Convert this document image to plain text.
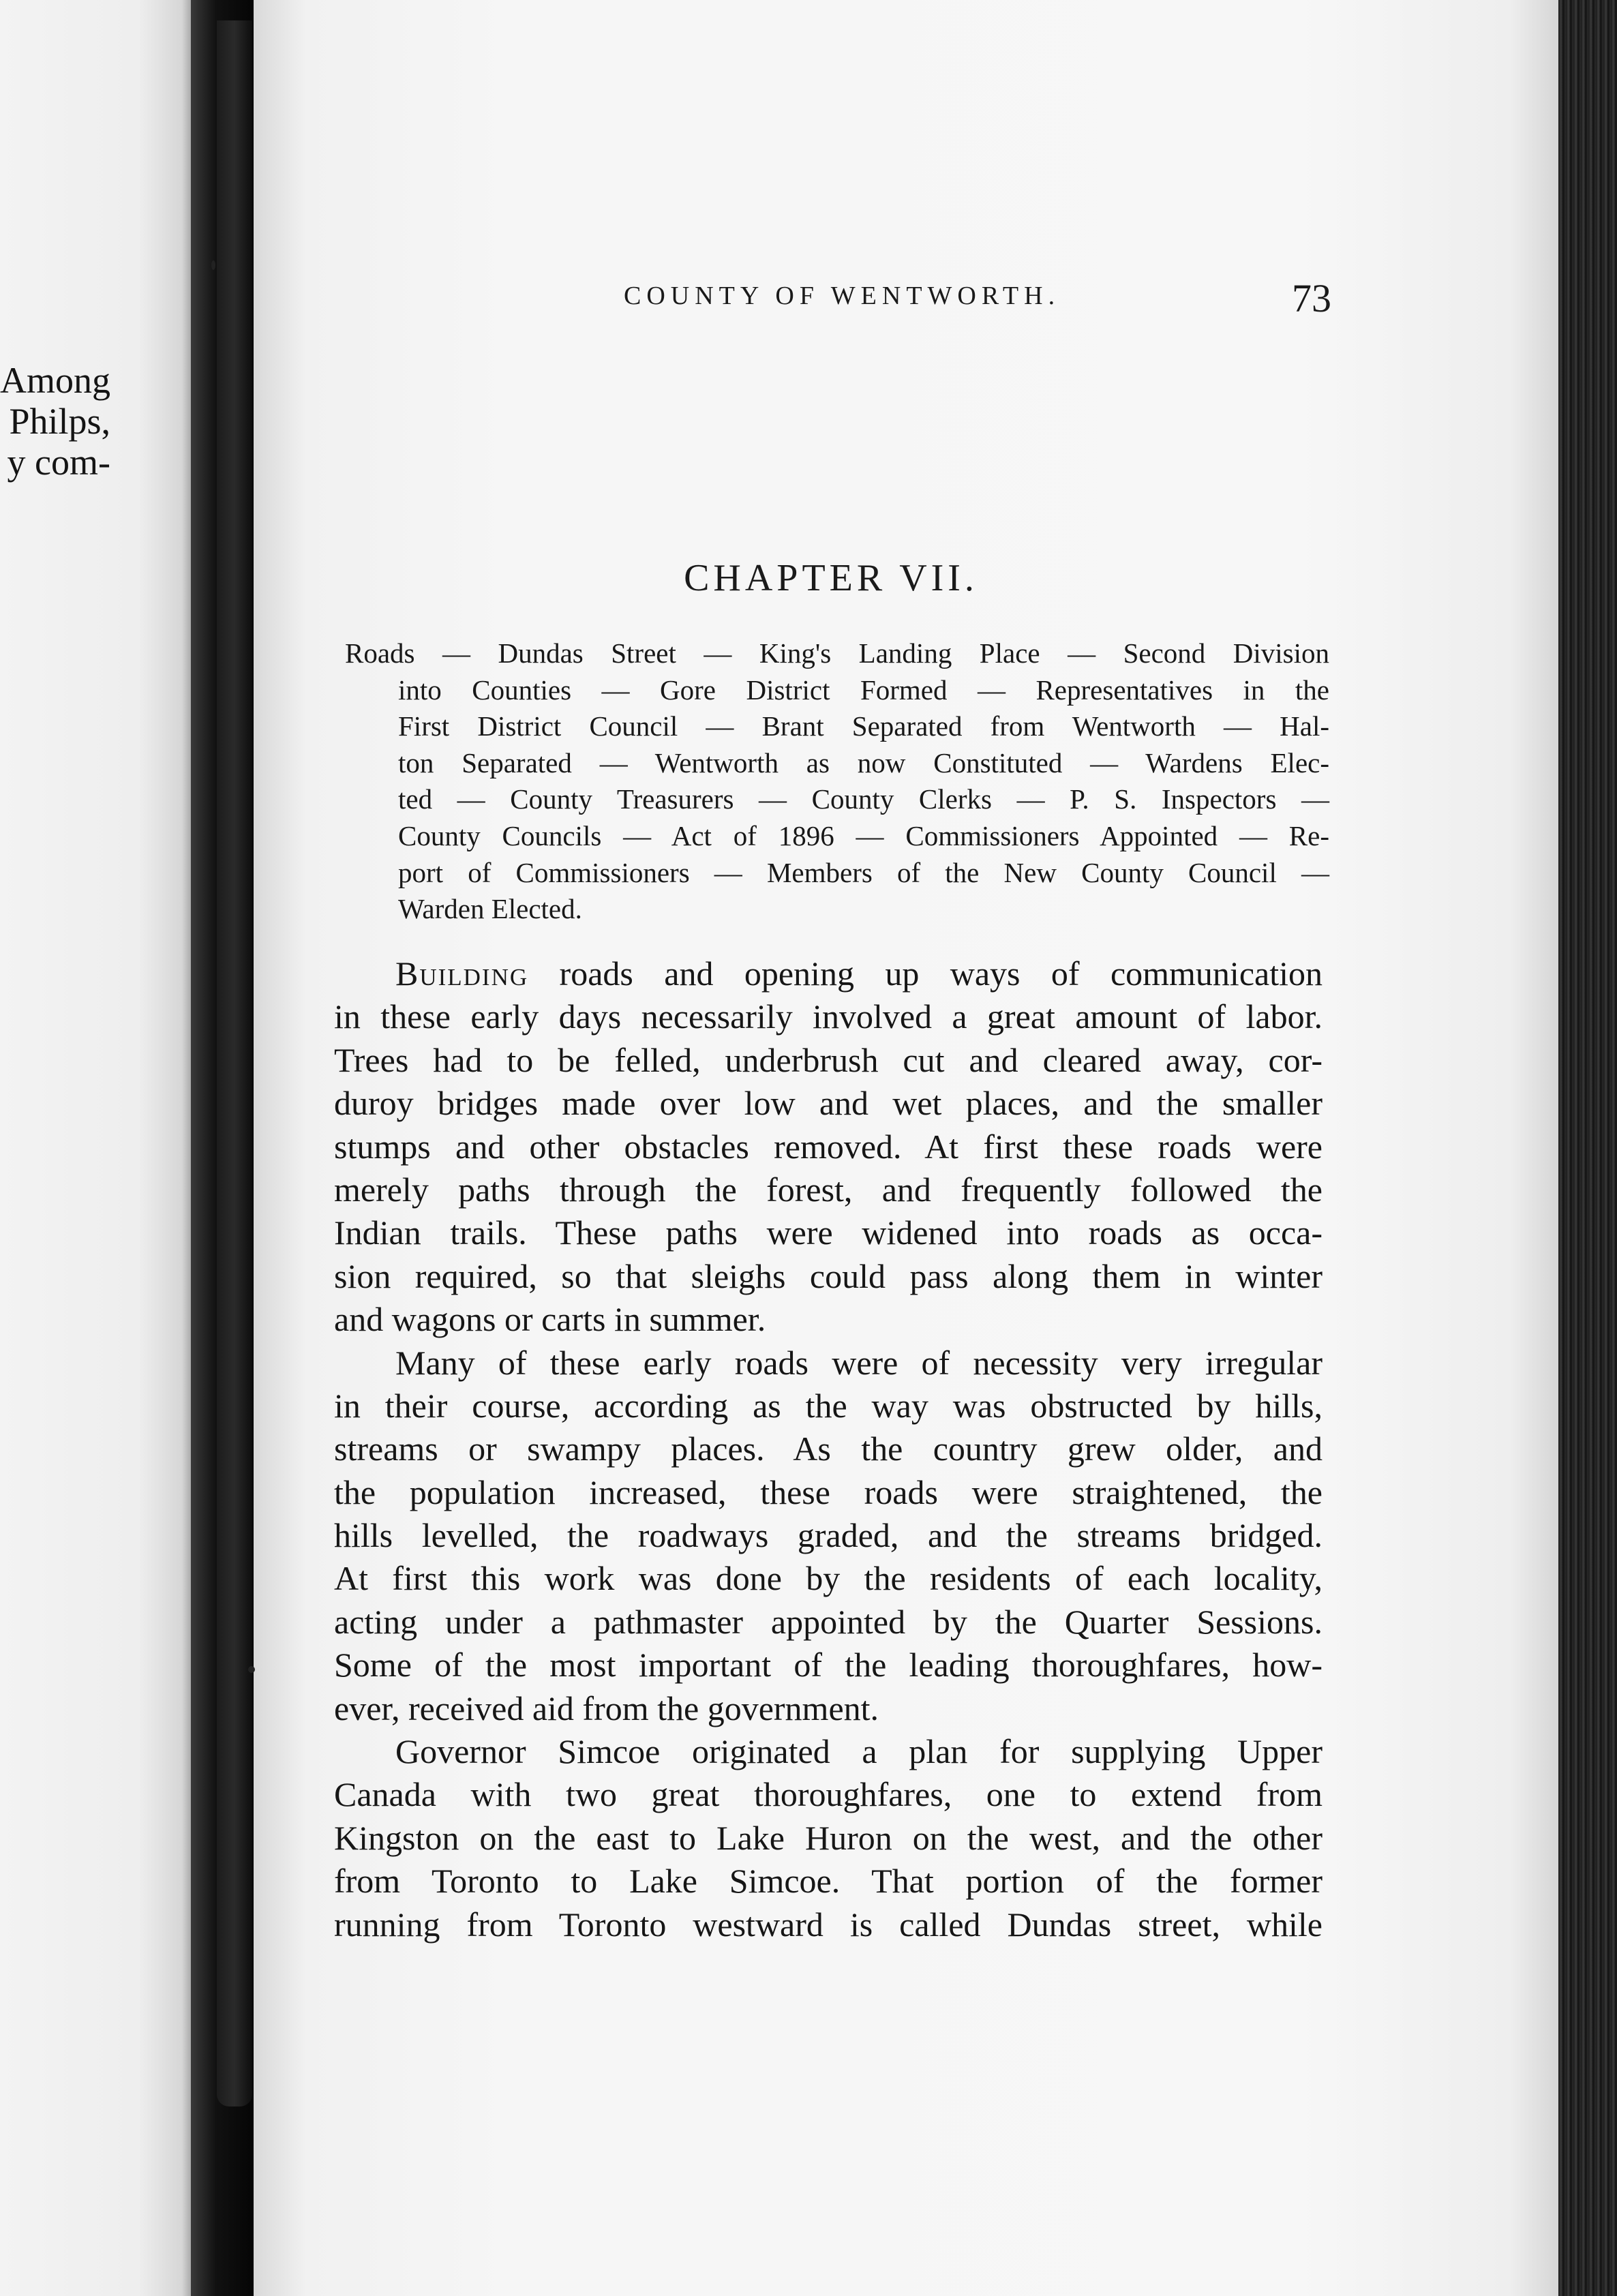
Among
Philps,
y com-
COUNTY OF WENTWORTH.	73
CHAPTER VII.
Roads — Dundas Street — King's Landing Place — Second Division
into Counties — Gore District Formed — Representatives in the
First District Council — Brant Separated from Wentworth — Hal-
ton Separated — Wentworth as now Constituted — Wardens Elec-
ted — County Treasurers — County Clerks — P. S. Inspectors —
County Councils — Act of 1896 — Commissioners Appointed — Re-
port of Commissioners — Members of the New County Council —
Warden Elected.
Building roads and opening up ways of communication
in these early days necessarily involved a great amount of labor.
Trees had to be felled, underbrush cut and cleared away, cor-
duroy bridges made over low and wet places, and the smaller
stumps and other obstacles removed. At first these roads were
merely paths through the forest, and frequently followed the
Indian trails. These paths were widened into roads as occa-
sion required, so that sleighs could pass along them in winter
and wagons or carts in summer.
Many of these early roads were of necessity very irregular
in their course, according as the way was obstructed by hills,
streams or swampy places. As the country grew older, and
the population increased, these roads were straightened, the
hills levelled, the roadways graded, and the streams bridged.
At first this work was done by the residents of each locality,
acting under a pathmaster appointed by the Quarter Sessions.
Some of the most important of the leading thoroughfares, how-
ever, received aid from the government.
Governor Simcoe originated a plan for supplying Upper
Canada with two great thoroughfares, one to extend from
Kingston on the east to Lake Huron on the west, and the other
from Toronto to Lake Simcoe. That portion of the former
running from Toronto westward is called Dundas street, while
